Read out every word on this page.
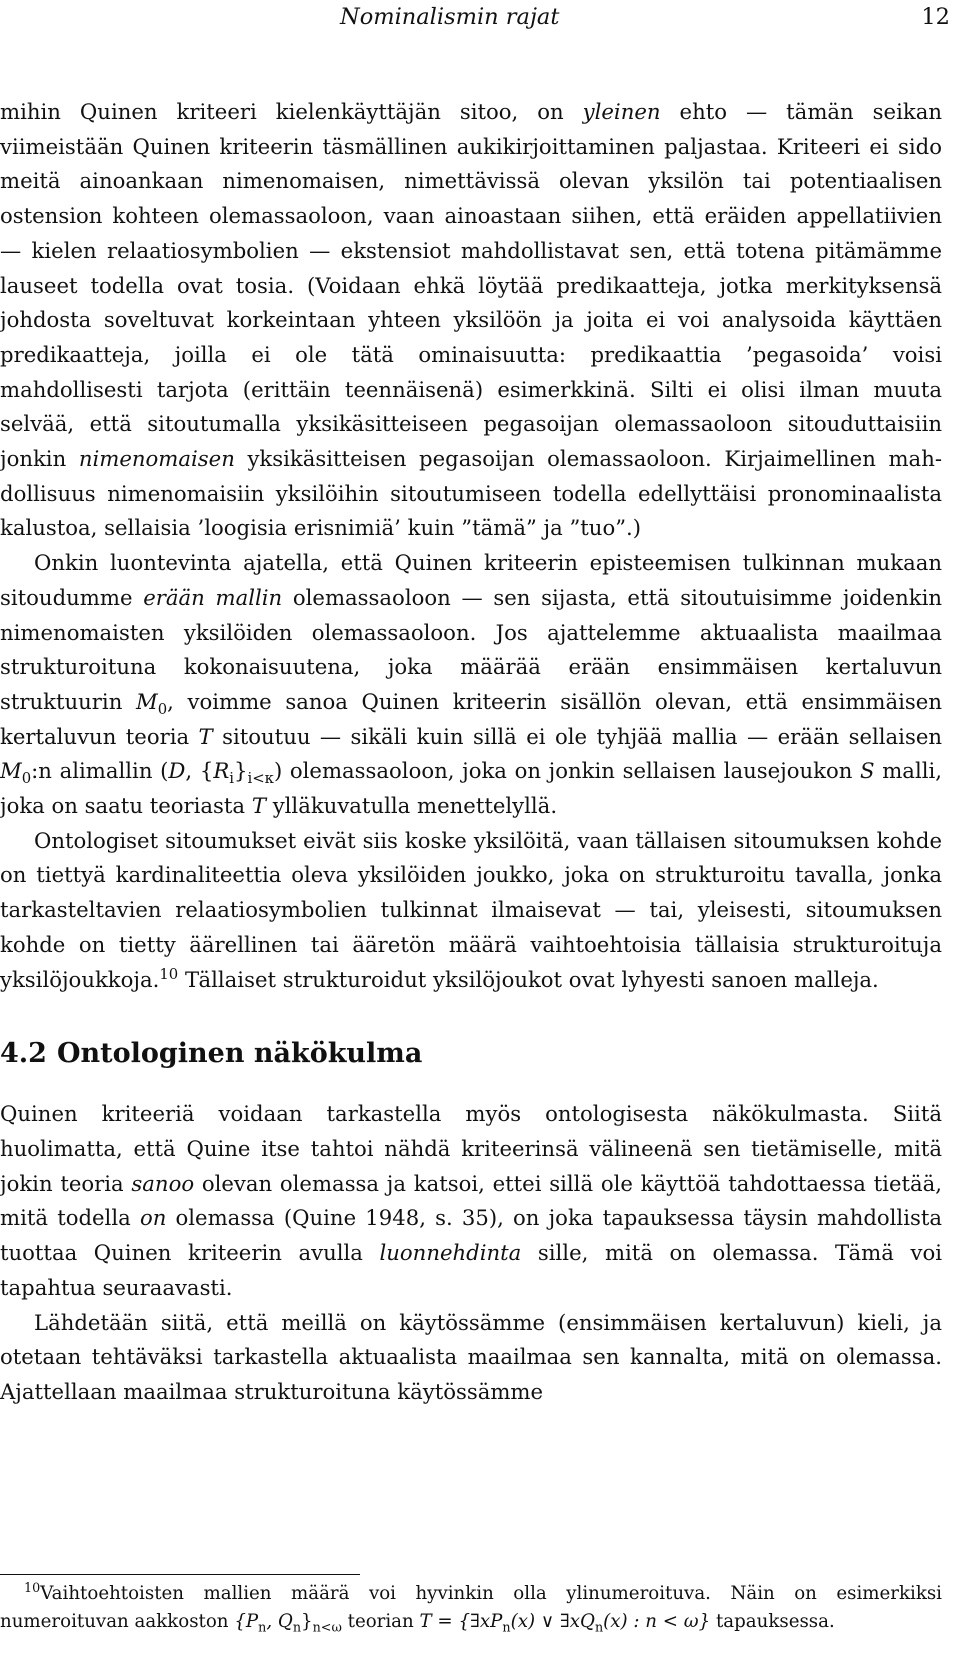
Nominalismin rajat	12

mihin Quinen kriteeri kielenkäyttäjän sitoo, on yleinen ehto — tämän seikan viimeistään Quinen kriteerin täsmällinen aukikirjoittaminen paljastaa. Kriteeri ei sido meitä ainoankaan nimenomaisen, nimettävissä olevan yksilön tai potentiaalisen ostension kohteen olemassaoloon, vaan ainoastaan siihen, että eräiden appellatiivien — kielen relaatiosymbolien — ekstensiot mahdollistavat sen, että totena pitämämme lauseet todella ovat tosia. (Voidaan ehkä löytää predikaatteja, jotka merkityksensä johdosta soveltuvat korkeintaan yhteen yksilöön ja joita ei voi analysoida käyttäen predikaatteja, joilla ei ole tätä ominaisuutta: predikaattia ’pegasoida’ voisi mahdollisesti tarjota (erittäin teennäisenä) esimerkkinä. Silti ei olisi ilman muuta selvää, että sitoutumalla yksikäsitteiseen pegasoijan olemassaoloon sitouduttaisiin jonkin nimenomaisen yksikäsitteisen pegasoijan olemassaoloon. Kirjaimellinen mahdollisuus nimenomaisiin yksilöihin sitoutumiseen todella edellyttäisi pronominaalista kalustoa, sellaisia ’loogisia erisnimiä’ kuin ”tämä” ja ”tuo”.)

Onkin luontevinta ajatella, että Quinen kriteerin episteemisen tulkinnan mukaan sitoudumme erään mallin olemassaoloon — sen sijasta, että sitoutuisimme joidenkin nimenomaisten yksilöiden olemassaoloon. Jos ajattelemme aktuaalista maailmaa strukturoituna kokonaisuutena, joka määrää erään ensimmäisen kertaluvun struktuurin $M_0$, voimme sanoa Quinen kriteerin sisällön olevan, että ensimmäisen kertaluvun teoria T sitoutuu — sikäli kuin sillä ei ole tyhjää mallia — erään sellaisen $M_0:n$ alimallin (D, $\{R_i\}_{i<\kappa}$) olemassaoloon, joka on jonkin sellaisen lausejoukon S malli, joka on saatu teoriasta T ylläkuvatulla menettelyllä.

Ontologiset sitoumukset eivät siis koske yksilöitä, vaan tällaisen sitoumuksen kohde on tiettyä kardinaliteettia oleva yksilöiden joukko, joka on strukturoitu tavalla, jonka tarkasteltavien relaatiosymbolien tulkinnat ilmaisevat — tai, yleisesti, sitoumuksen kohde on tietty äärellinen tai ääretön määrä vaihtoehtoisia tällaisia strukturoituja yksilöjoukkoja.$^{10}$ Tällaiset strukturoidut yksilöjoukot ovat lyhyesti sanoen malleja.

4.2 Ontologinen näkökulma

Quinen kriteeriä voidaan tarkastella myös ontologisesta näkökulmasta. Siitä huolimatta, että Quine itse tahtoi nähdä kriteerinsä välineenä sen tietämiselle, mitä jokin teoria sanoo olevan olemassa ja katsoi, ettei sillä ole käyttöä tahdottaessa tietää, mitä todella on olemassa (Quine 1948, s. 35), on joka tapauksessa täysin mahdollista tuottaa Quinen kriteerin avulla luonnehdinta sille, mitä on olemassa. Tämä voi tapahtua seuraavasti.

Lähdetään siitä, että meillä on käytössämme (ensimmäisen kertaluvun) kieli, ja otetaan tehtäväksi tarkastella aktuaalista maailmaa sen kannalta, mitä on olemassa. Ajattellaan maailmaa strukturoituna käytössämme

$^{10}$Vaihtoehtoisten mallien määrä voi hyvinkin olla ylinumeroituva. Näin on esimerkiksi numeroituvan aakkoston {$P_n$, $Q_n\}_{n<\omega}$ teorian $T = \{\exists xP_n(x)$ ∨ $\exists xQ_n(x)$ : n < ω} tapauksessa.
